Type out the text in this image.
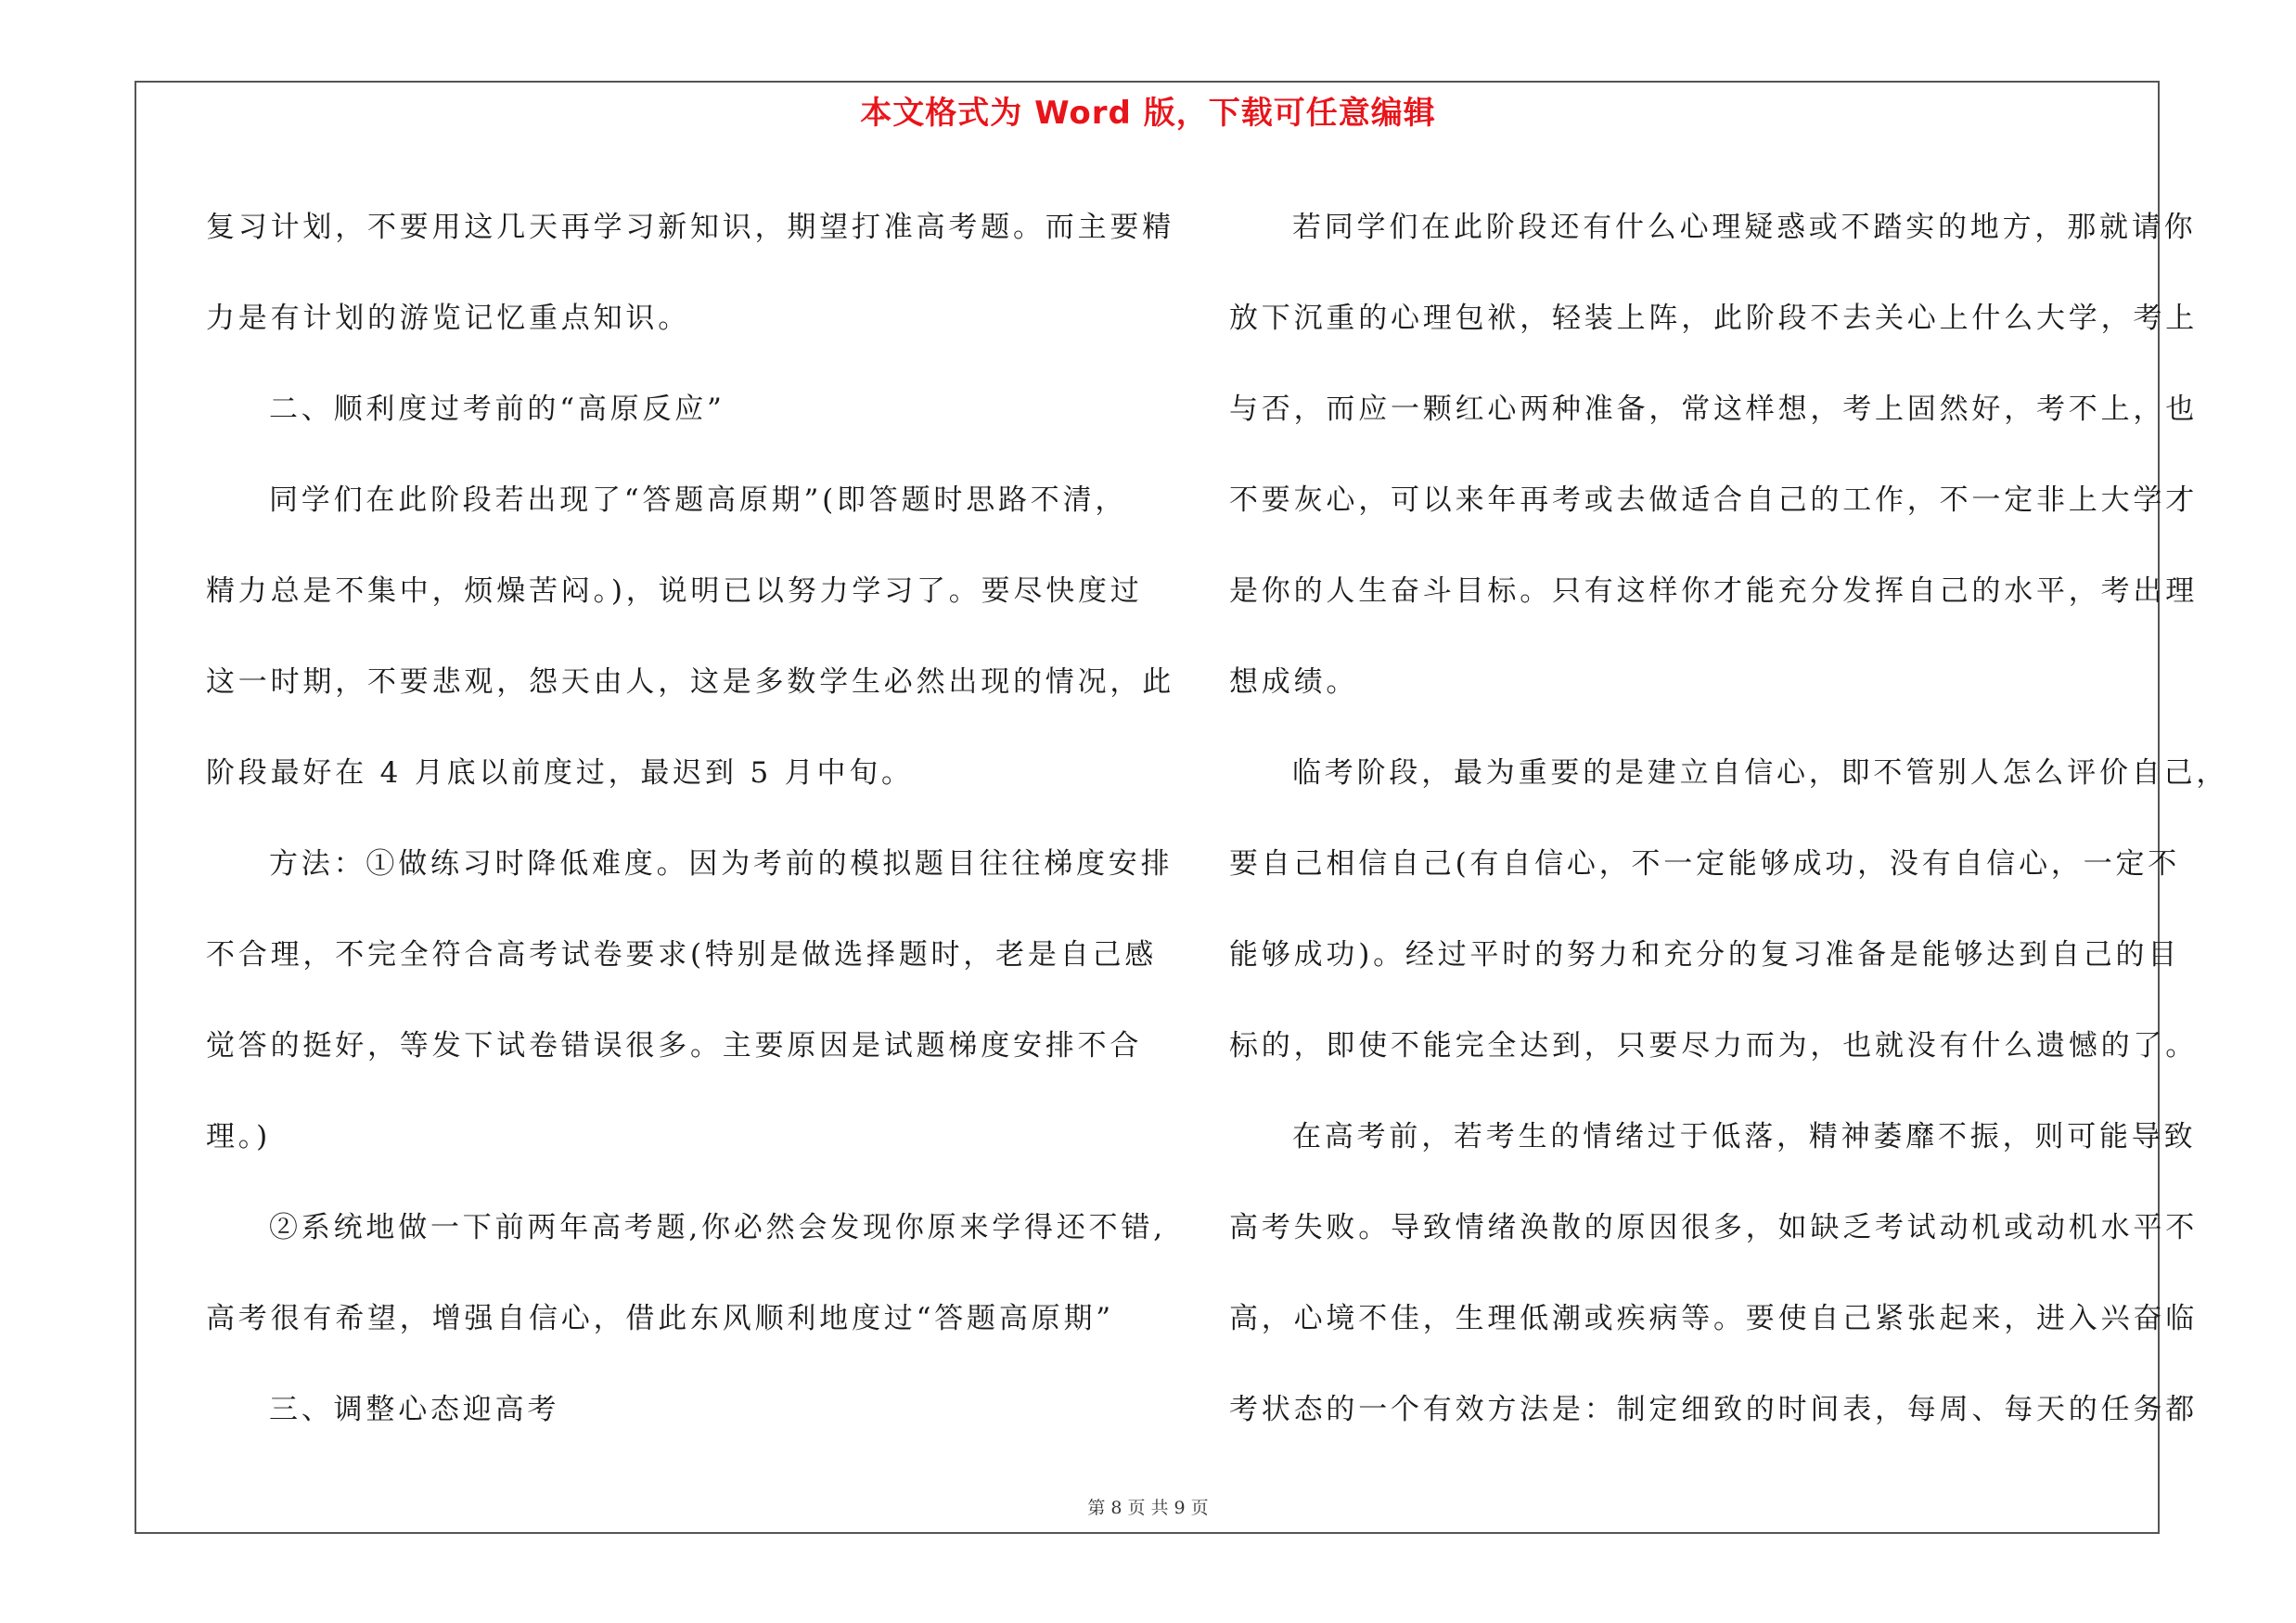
本文格式为 Word 版，下载可任意编辑

复习计划，不要用这几天再学习新知识，期望打准高考题。而主要精

力是有计划的游览记忆重点知识。

二、顺利度过考前的“高原反应”

同学们在此阶段若出现了“答题高原期”(即答题时思路不清，

精力总是不集中，烦燥苦闷。)，说明已以努力学习了。要尽快度过

这一时期，不要悲观，怨天由人，这是多数学生必然出现的情况，此

阶段最好在 4 月底以前度过，最迟到 5 月中旬。

方法：①做练习时降低难度。因为考前的模拟题目往往梯度安排

不合理，不完全符合高考试卷要求(特别是做选择题时，老是自己感

觉答的挺好，等发下试卷错误很多。主要原因是试题梯度安排不合

理。)

②系统地做一下前两年高考题,你必然会发现你原来学得还不错,

高考很有希望，增强自信心，借此东风顺利地度过“答题高原期”

三、调整心态迎高考

若同学们在此阶段还有什么心理疑惑或不踏实的地方，那就请你

放下沉重的心理包袱，轻装上阵，此阶段不去关心上什么大学，考上

与否，而应一颗红心两种准备，常这样想，考上固然好，考不上，也

不要灰心，可以来年再考或去做适合自己的工作，不一定非上大学才

是你的人生奋斗目标。只有这样你才能充分发挥自己的水平，考出理

想成绩。

临考阶段，最为重要的是建立自信心，即不管别人怎么评价自己，

要自己相信自己(有自信心，不一定能够成功，没有自信心，一定不

能够成功)。经过平时的努力和充分的复习准备是能够达到自己的目

标的，即使不能完全达到，只要尽力而为，也就没有什么遗憾的了。

在高考前，若考生的情绪过于低落，精神萎靡不振，则可能导致

高考失败。导致情绪涣散的原因很多，如缺乏考试动机或动机水平不

高，心境不佳，生理低潮或疾病等。要使自己紧张起来，进入兴奋临

考状态的一个有效方法是：制定细致的时间表，每周、每天的任务都

第 8 页 共 9 页
